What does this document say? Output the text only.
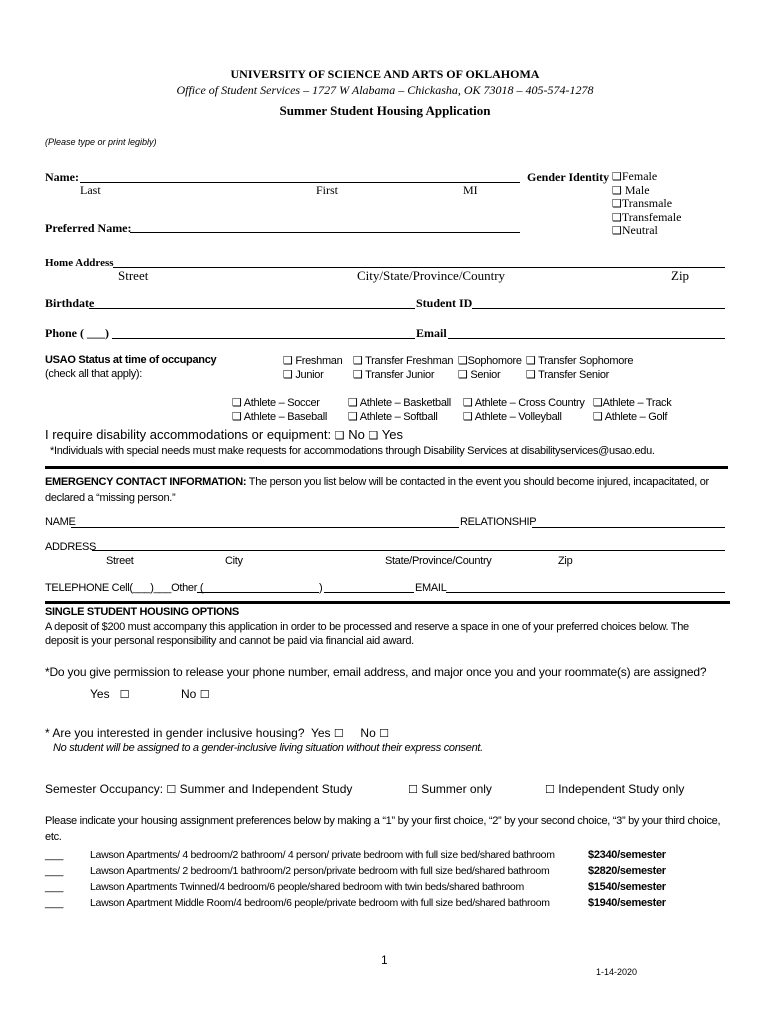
UNIVERSITY OF SCIENCE AND ARTS OF OKLAHOMA
Office of Student Services – 1727 W Alabama – Chickasha, OK 73018 – 405-574-1278
Summer Student Housing Application
(Please type or print legibly)
Name:
Last	First	MI
Gender Identity ❑Female
❑ Male
❑Transmale
❑Transfemale
❑Neutral
Preferred Name:
Home Address
Street	City/State/Province/Country	Zip
Birthdate	Student ID
Phone ( ___)	Email
USAO Status at time of occupancy
(check all that apply):
❑ Freshman ❑ Transfer Freshman ❑Sophomore ❑ Transfer Sophomore
❑ Junior	❑ Transfer Junior ❑ Senior ❑ Transfer Senior
❑ Athlete – Soccer	❑ Athlete – Basketball ❑ Athlete – Cross Country ❑Athlete – Track
❑ Athlete – Baseball ❑ Athlete – Softball ❑ Athlete – Volleyball	❑ Athlete – Golf
I require disability accommodations or equipment: ❑ No ❑ Yes
*Individuals with special needs must make requests for accommodations through Disability Services at disabilityservices@usao.edu.
EMERGENCY CONTACT INFORMATION: The person you list below will be contacted in the event you should become injured, incapacitated, or
declared a “missing person.”
NAME	RELATIONSHIP
ADDRESS
Street	City	State/Province/Country	Zip
TELEPHONE Cell(___)___Other (	)	EMAIL
SINGLE STUDENT HOUSING OPTIONS
A deposit of $200 must accompany this application in order to be processed and reserve a space in one of your preferred choices below. The
deposit is your personal responsibility and cannot be paid via financial aid award.
*Do you give permission to release your phone number, email address, and major once you and your roommate(s) are assigned?
Yes ☐	No ☐
* Are you interested in gender inclusive housing? Yes ☐ No ☐
No student will be assigned to a gender-inclusive living situation without their express consent.
Semester Occupancy: ☐ Summer and Independent Study	☐ Summer only	☐ Independent Study only
Please indicate your housing assignment preferences below by making a “1” by your first choice, “2” by your second choice, “3” by your third choice,
etc.
___	Lawson Apartments/ 4 bedroom/2 bathroom/ 4 person/ private bedroom with full size bed/shared bathroom	$2340/semester
___	Lawson Apartments/ 2 bedroom/1 bathroom/2 person/private bedroom with full size bed/shared bathroom	$2820/semester
___	Lawson Apartments Twinned/4 bedroom/6 people/shared bedroom with twin beds/shared bathroom	$1540/semester
___	Lawson Apartment Middle Room/4 bedroom/6 people/private bedroom with full size bed/shared bathroom	$1940/semester
1
1-14-2020
